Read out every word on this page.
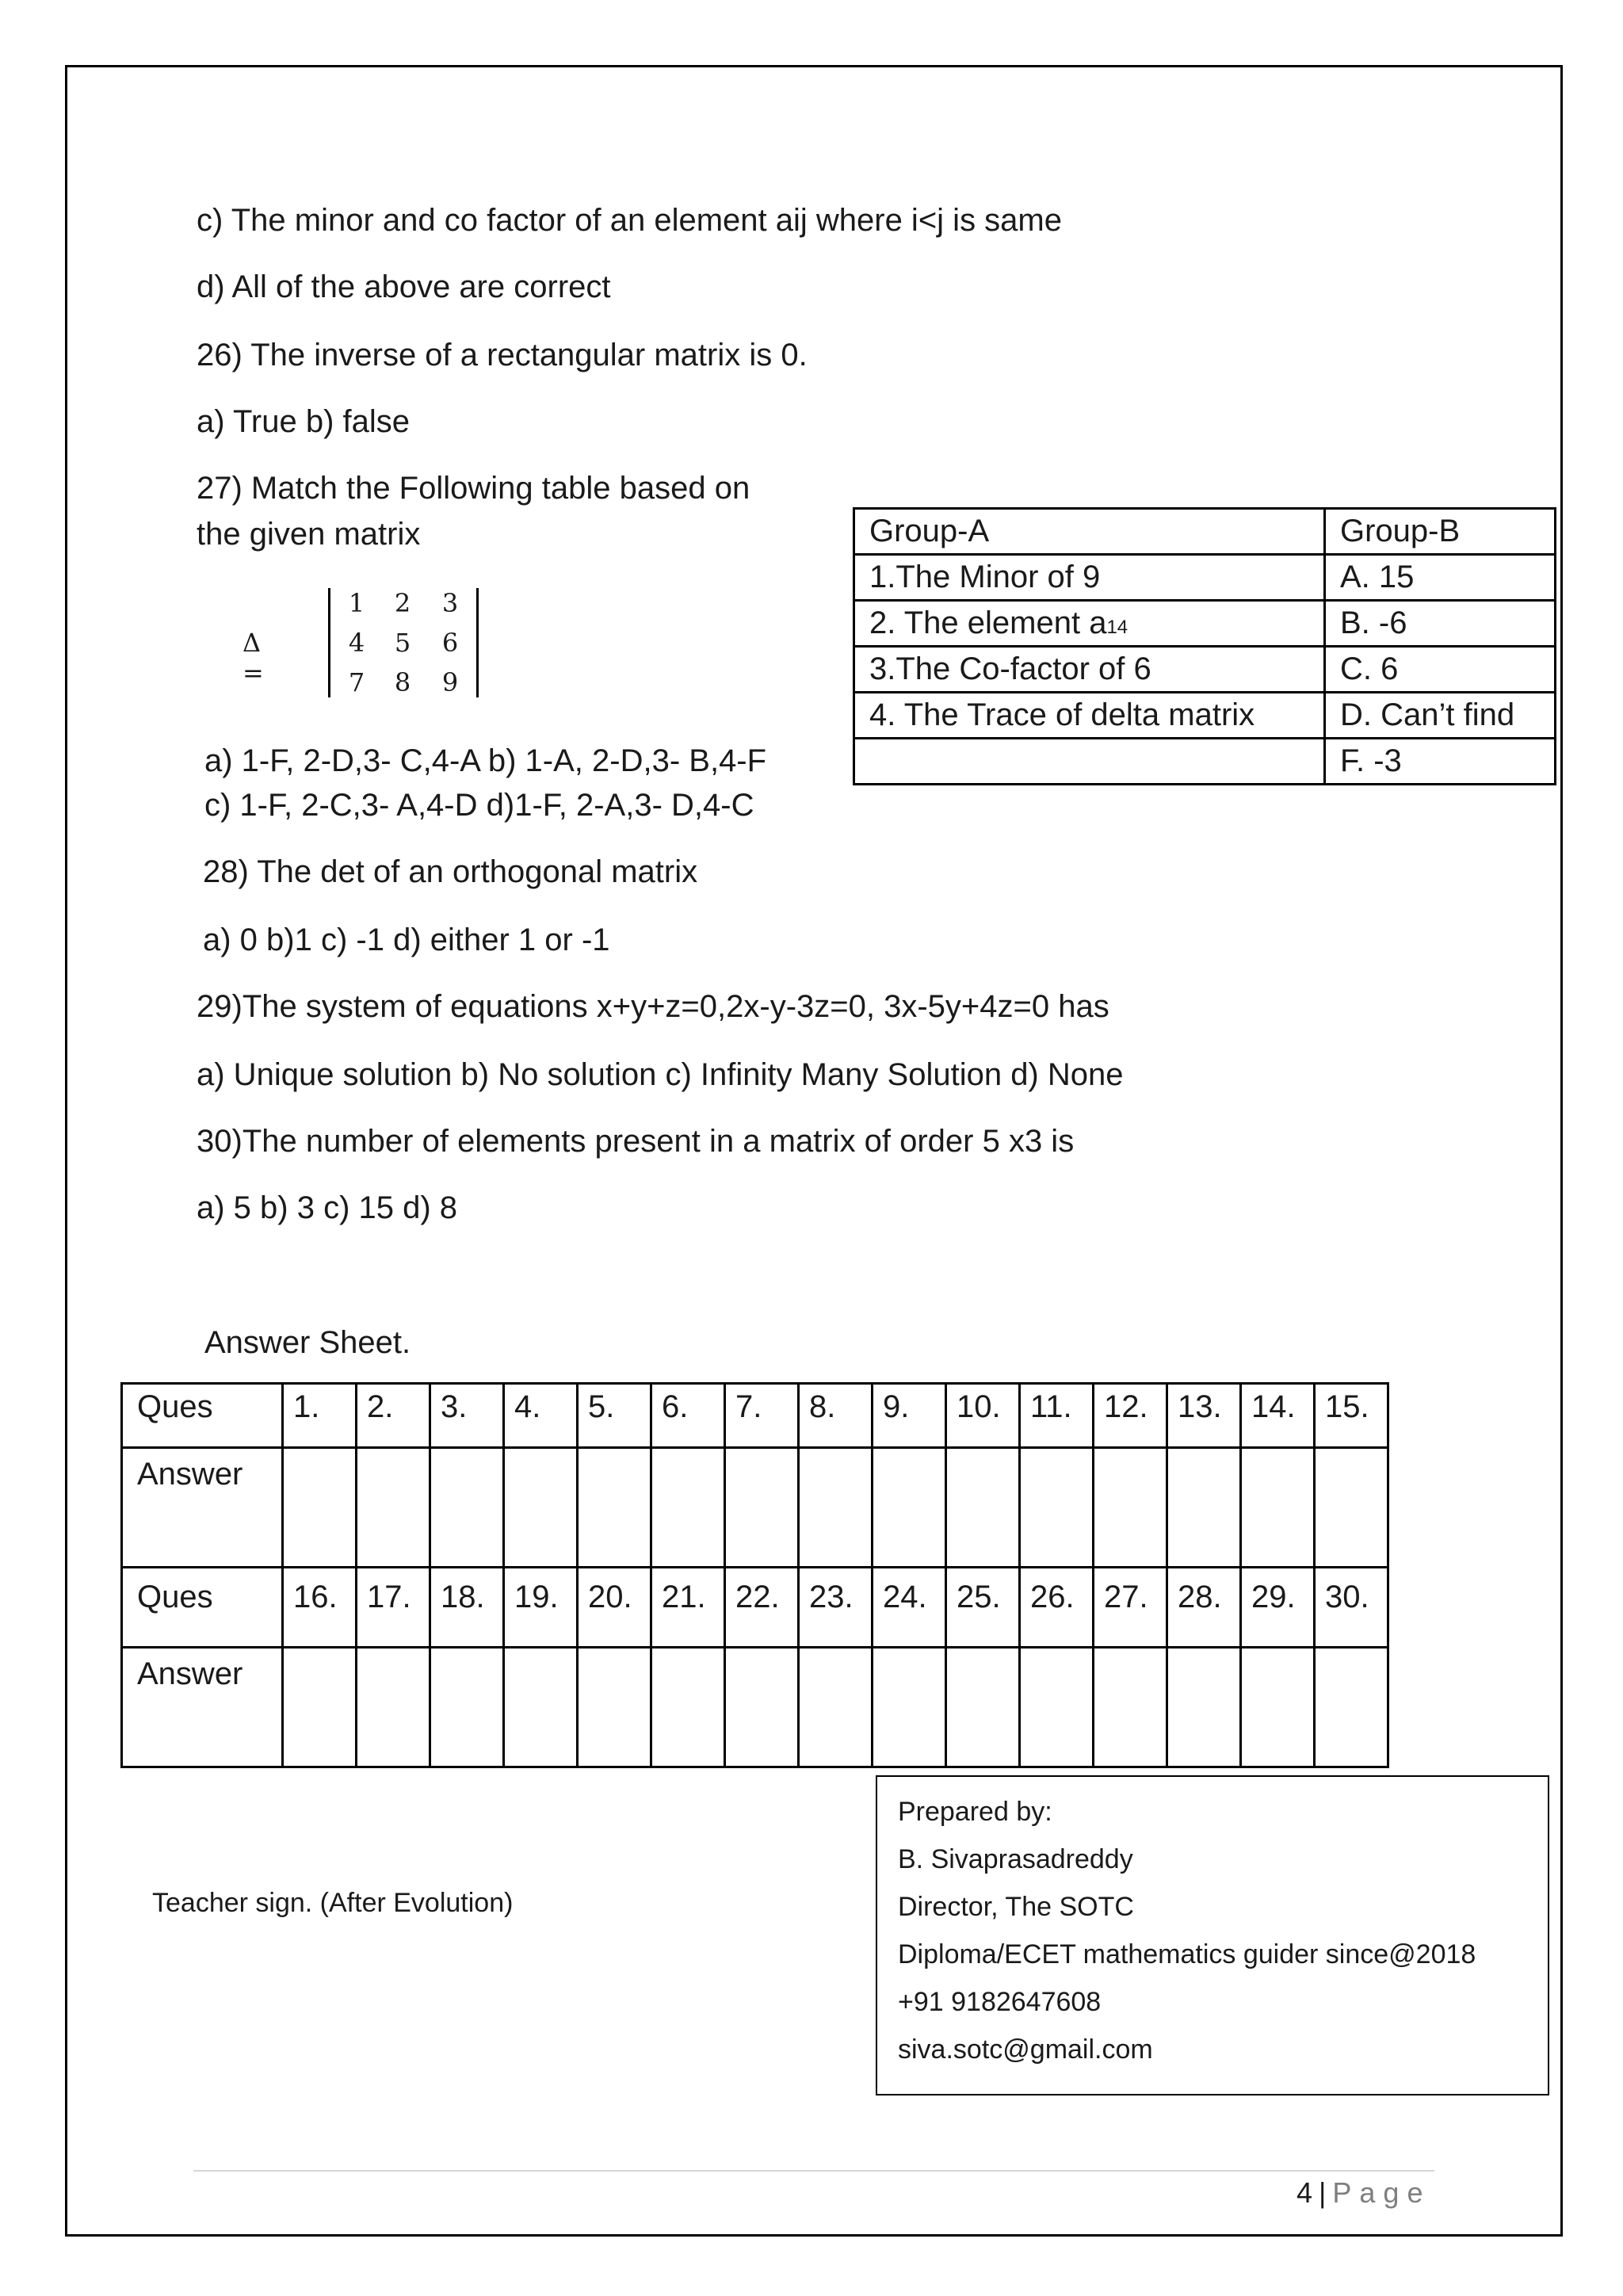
c) The minor and co factor of an element aij where i<j is same
d) All of the above are correct
26) The inverse of a rectangular matrix is 0.
a) True b) false
27) Match the Following table based on
the given matrix
Δ =
1	2	3
4	5	6
7	8	9
Group-A	Group-B
1.The Minor of 9	A. 15
2. The element a14	B. -6
3.The Co-factor of 6	C. 6
4. The Trace of delta matrix	D. Can’t find
	F. -3
a) 1-F, 2-D,3- C,4-A b) 1-A, 2-D,3- B,4-F
c) 1-F, 2-C,3- A,4-D d)1-F, 2-A,3- D,4-C
28) The det of an orthogonal matrix
a) 0 b)1 c) -1 d) either 1 or -1
29)The system of equations x+y+z=0,2x-y-3z=0, 3x-5y+4z=0 has
a) Unique solution b) No solution c) Infinity Many Solution d) None
30)The number of elements present in a matrix of order 5 x3 is
a) 5 b) 3 c) 15 d) 8
Answer Sheet.
Ques	1.	2.	3.	4.	5.	6.	7.	8.	9.	10.	11.	12.	13.	14.	15.
Answer															
Ques	16.	17.	18.	19.	20.	21.	22.	23.	24.	25.	26.	27.	28.	29.	30.
Answer															
Teacher sign. (After Evolution)
Prepared by:
B. Sivaprasadreddy
Director, The SOTC
Diploma/ECET mathematics guider since@2018
+91 9182647608
siva.sotc@gmail.com
4 | Page
